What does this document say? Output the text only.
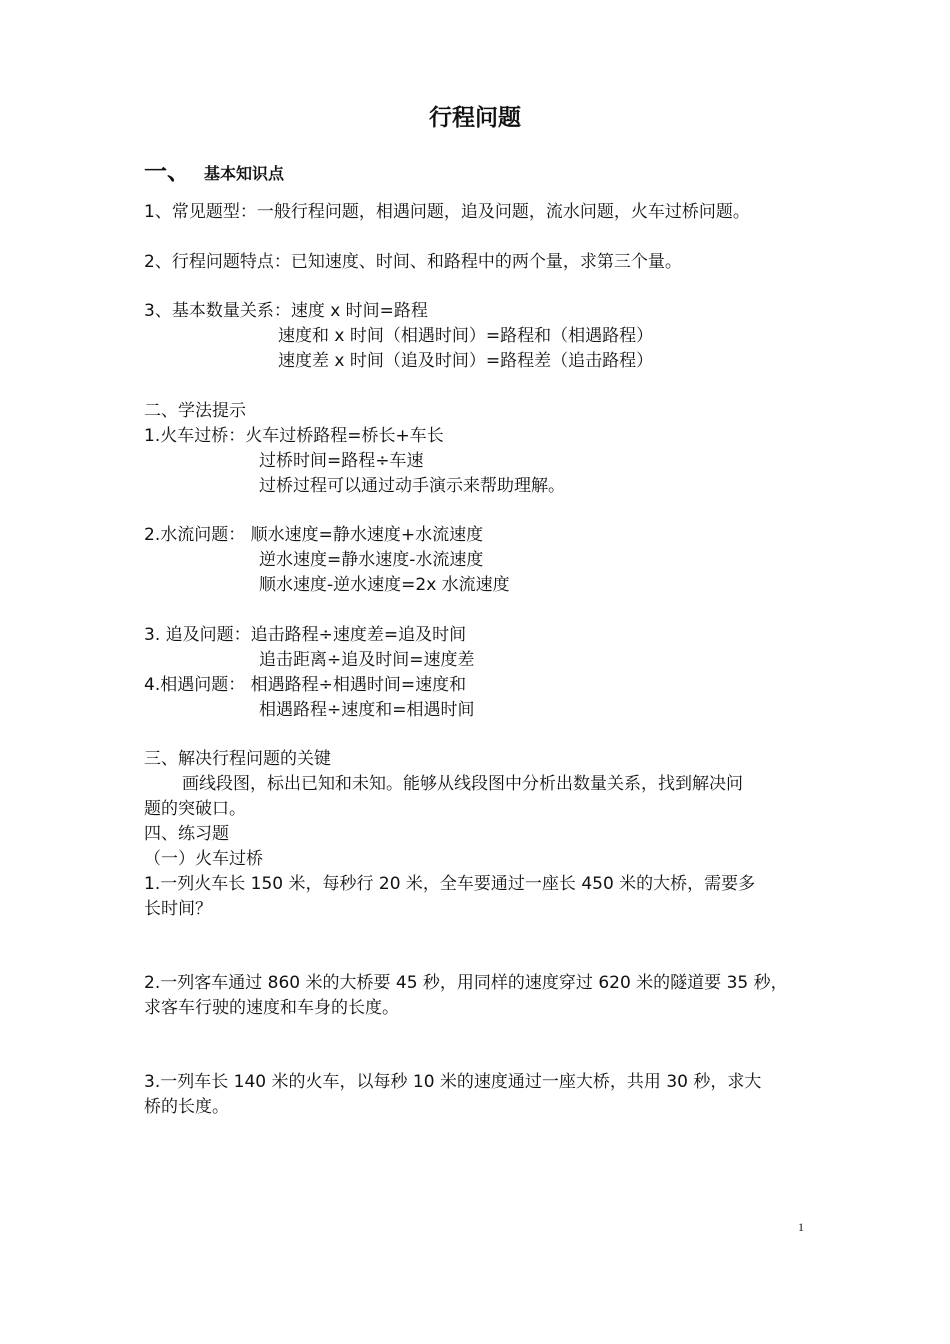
行程问题
一、 基本知识点
1、常见题型：一般行程问题，相遇问题，追及问题，流水问题，火车过桥问题。
2、行程问题特点：已知速度、时间、和路程中的两个量，求第三个量。
3、基本数量关系：速度 x 时间=路程
速度和 x 时间（相遇时间）=路程和（相遇路程）
速度差 x 时间（追及时间）=路程差（追击路程）
二、学法提示
1.火车过桥：火车过桥路程=桥长+车长
过桥时间=路程÷车速
过桥过程可以通过动手演示来帮助理解。
2.水流问题： 顺水速度=静水速度+水流速度
逆水速度=静水速度-水流速度
顺水速度-逆水速度=2x 水流速度
3. 追及问题：追击路程÷速度差=追及时间
追击距离÷追及时间=速度差
4.相遇问题： 相遇路程÷相遇时间=速度和
相遇路程÷速度和=相遇时间
三、解决行程问题的关键
画线段图，标出已知和未知。能够从线段图中分析出数量关系，找到解决问
题的突破口。
四、练习题
（一）火车过桥
1.一列火车长 150 米，每秒行 20 米，全车要通过一座长 450 米的大桥，需要多
长时间？
2.一列客车通过 860 米的大桥要 45 秒，用同样的速度穿过 620 米的隧道要 35 秒，
求客车行驶的速度和车身的长度。
3.一列车长 140 米的火车，以每秒 10 米的速度通过一座大桥，共用 30 秒，求大
桥的长度。
1
